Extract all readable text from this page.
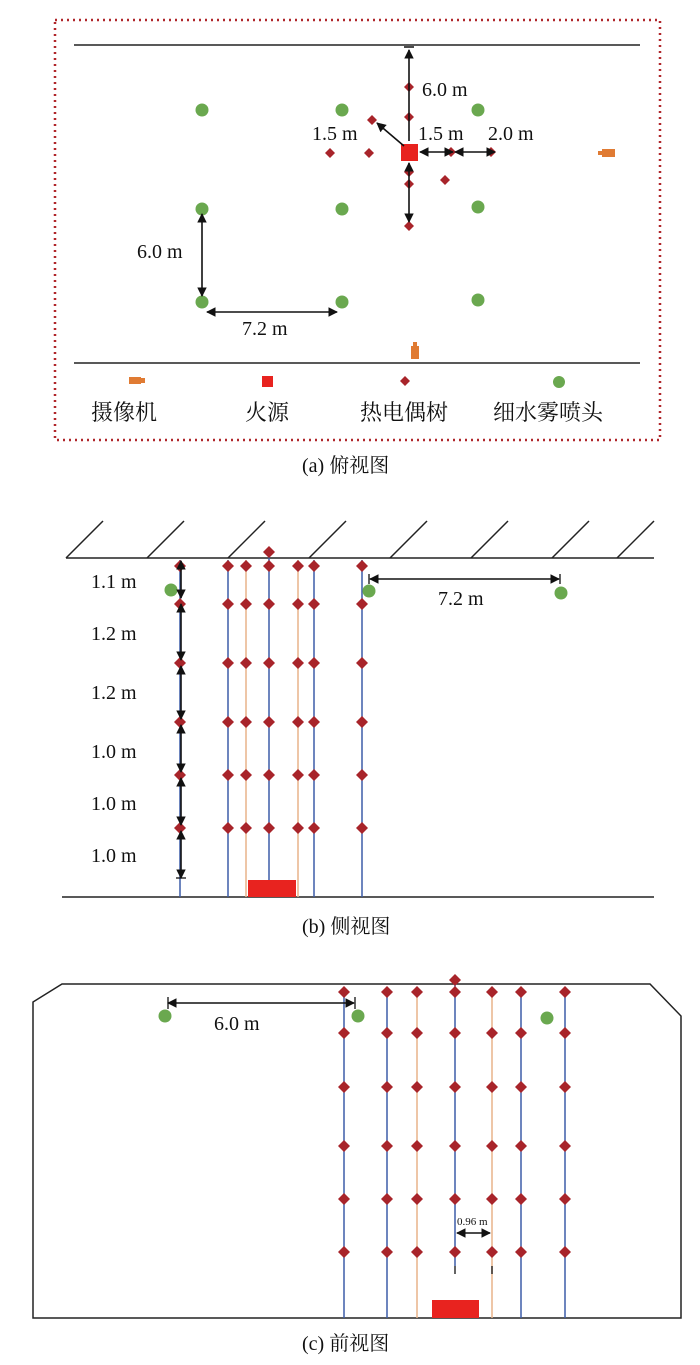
6.0 m
1.5 m	1.5 m 2.0 m
6.0 m
7.2 m
摄像机	火源	热电偶树 细水雾喷头
(a) 俯视图
1.1 m
1.2 m
1.2 m
1.0 m
1.0 m
1.0 m
7.2 m
(b) 侧视图
6.0 m
0.96 m
(c) 前视图
